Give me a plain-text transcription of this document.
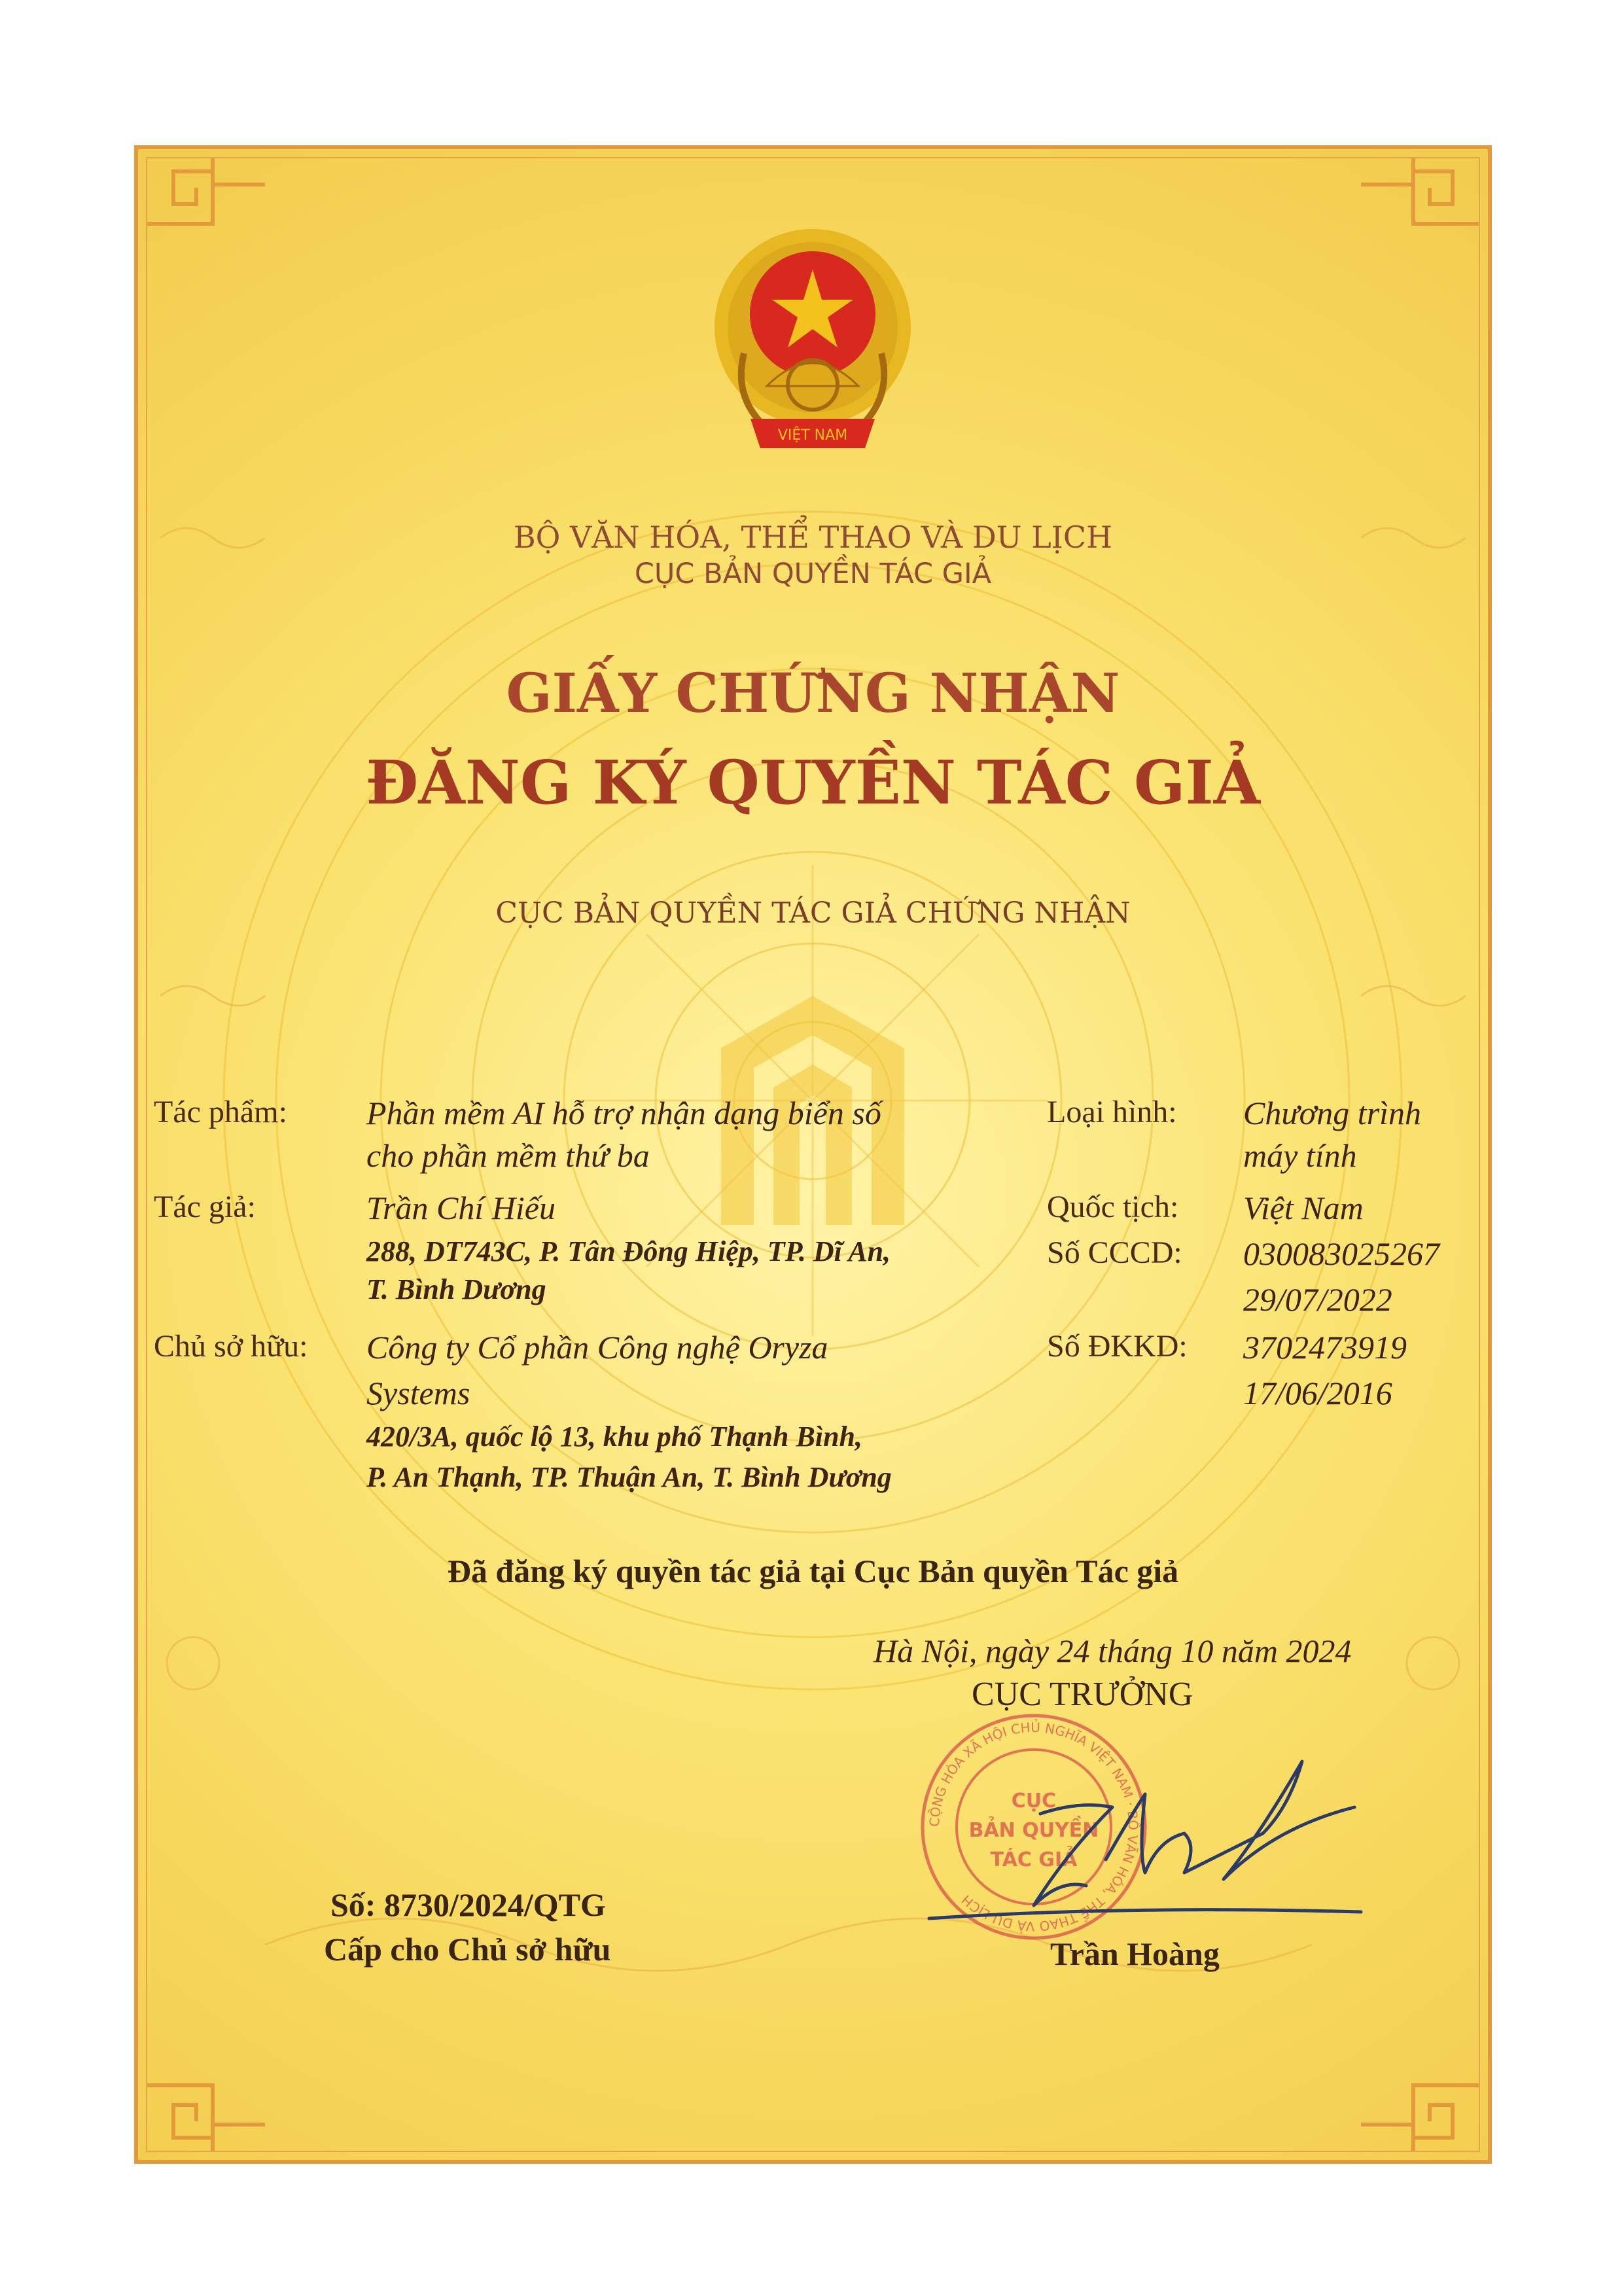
VIỆT NAM
BỘ VĂN HÓA, THỂ THAO VÀ DU LỊCH
CỤC BẢN QUYỀN TÁC GIẢ
GIẤY CHỨNG NHẬN
ĐĂNG KÝ QUYỀN TÁC GIẢ
CỤC BẢN QUYỀN TÁC GIẢ CHỨNG NHẬN
Tác phẩm: Phần mềm AI hỗ trợ nhận dạng biển số
cho phần mềm thứ ba
Tác giả:	Trần Chí Hiếu
288, DT743C, P. Tân Đông Hiệp, TP. Dĩ An,
T. Bình Dương
Chủ sở hữu: Công ty Cổ phần Công nghệ Oryza
Systems
420/3A, quốc lộ 13, khu phố Thạnh Bình,
P. An Thạnh, TP. Thuận An, T. Bình Dương
Loại hình: Chương trình
máy tính
Quốc tịch: Việt Nam
Số CCCD: 030083025267
29/07/2022
Số ĐKKD: 3702473919
17/06/2016
Đã đăng ký quyền tác giả tại Cục Bản quyền Tác giả
Hà Nội, ngày 24 tháng 10 năm 2024
CỤC TRƯỞNG
CỘNG HÒA XÃ HỘI CHỦ NGHĨA VIỆT NAM · BỘ VĂN HÓA, THỂ THAO VÀ DU LỊCH
CỤC
BẢN QUYỀN
TÁC GIẢ
Trần Hoàng
Số: 8730/2024/QTG
Cấp cho Chủ sở hữu
